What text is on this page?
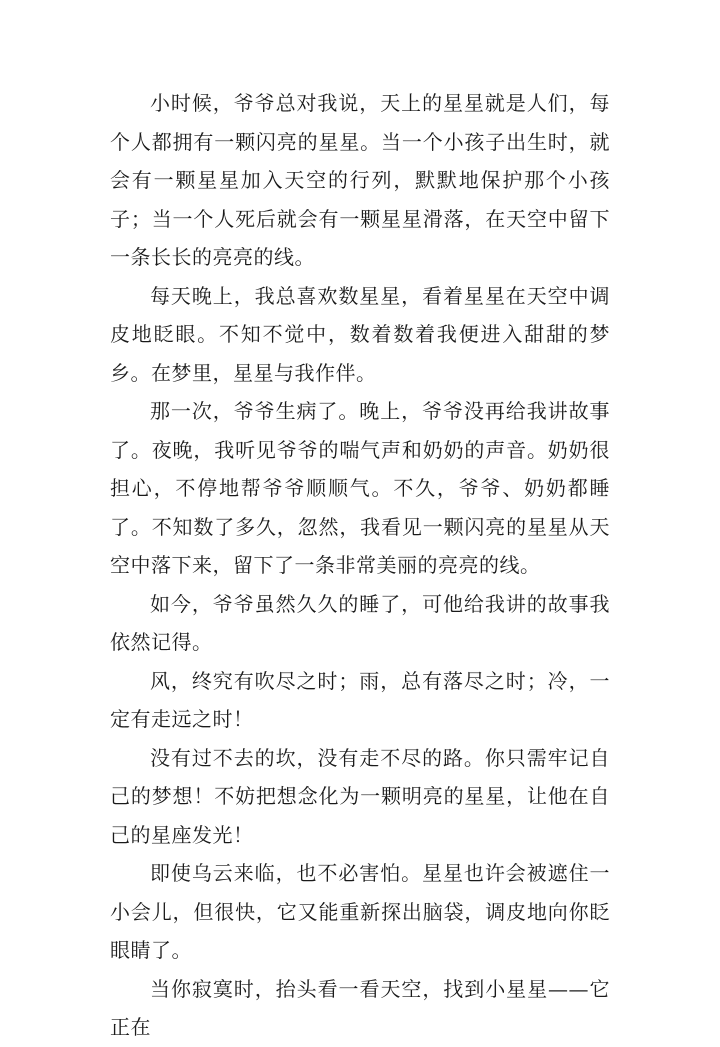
小时候，爷爷总对我说，天上的星星就是人们，每个人都拥有一颗闪亮的星星。当一个小孩子出生时，就会有一颗星星加入天空的行列，默默地保护那个小孩子；当一个人死后就会有一颗星星滑落，在天空中留下一条长长的亮亮的线。

每天晚上，我总喜欢数星星，看着星星在天空中调皮地眨眼。不知不觉中，数着数着我便进入甜甜的梦乡。在梦里，星星与我作伴。

那一次，爷爷生病了。晚上，爷爷没再给我讲故事了。夜晚，我听见爷爷的喘气声和奶奶的声音。奶奶很担心，不停地帮爷爷顺顺气。不久，爷爷、奶奶都睡了。不知数了多久，忽然，我看见一颗闪亮的星星从天空中落下来，留下了一条非常美丽的亮亮的线。

如今，爷爷虽然久久的睡了，可他给我讲的故事我依然记得。

风，终究有吹尽之时；雨，总有落尽之时；冷，一定有走远之时！

没有过不去的坎，没有走不尽的路。你只需牢记自己的梦想！不妨把想念化为一颗明亮的星星，让他在自己的星座发光！

即使乌云来临，也不必害怕。星星也许会被遮住一小会儿，但很快，它又能重新探出脑袋，调皮地向你眨眼睛了。

当你寂寞时，抬头看一看天空，找到小星星——它正在
